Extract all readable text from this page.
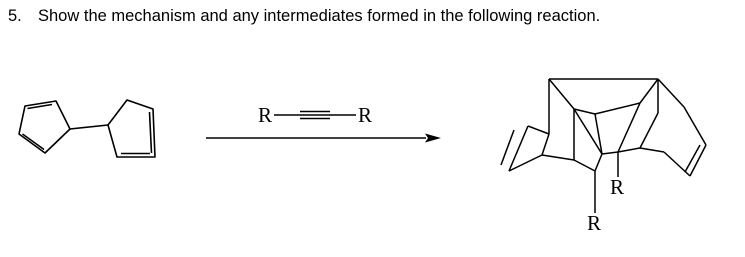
5. Show the mechanism and any intermediates formed in the following reaction.
R	R
R
R
